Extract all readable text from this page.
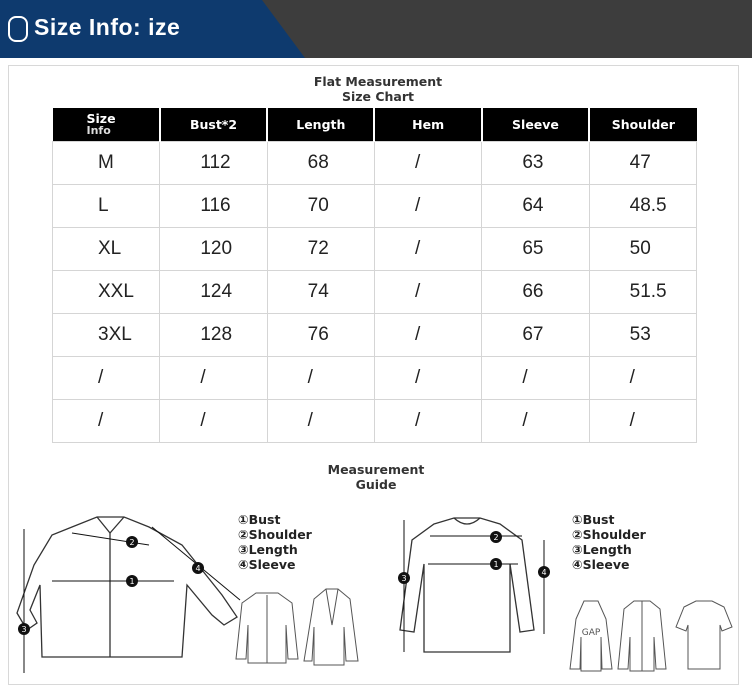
Size Info: ize
Flat Measurement
Size Chart
Size
Info	Bust*2	Length	Hem	Sleeve	Shoulder

M	112	68	/	63	47

L	116	70	/	64	48.5

XL	120	72	/	65	50

XXL	124	74	/	66	51.5

3XL	128	76	/	67	53

/	/	/	/	/	/

/	/	/	/	/	/
Measurement
Guide
①Bust
②Shoulder
③Length
④Sleeve
①Bust
②Shoulder
③Length
④Sleeve
1
2
3
4	1
2
3
4
GAP
